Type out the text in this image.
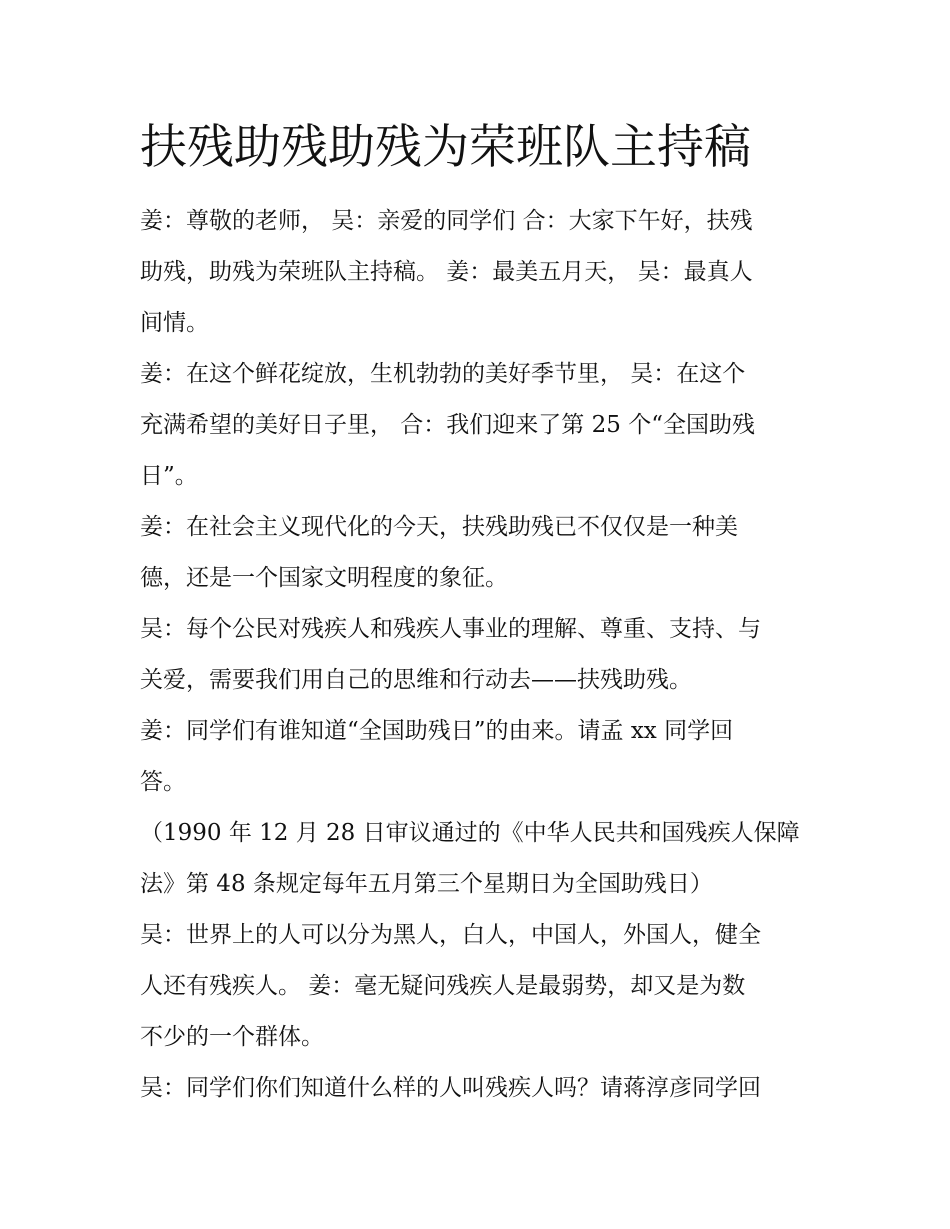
扶残助残助残为荣班队主持稿
姜：尊敬的老师， 吴：亲爱的同学们 合：大家下午好，扶残
助残，助残为荣班队主持稿。 姜：最美五月天， 吴：最真人
间情。
姜：在这个鲜花绽放，生机勃勃的美好季节里， 吴：在这个
充满希望的美好日子里， 合：我们迎来了第 25 个“全国助残
日”。
姜：在社会主义现代化的今天，扶残助残已不仅仅是一种美
德，还是一个国家文明程度的象征。
吴：每个公民对残疾人和残疾人事业的理解、尊重、支持、与
关爱，需要我们用自己的思维和行动去——扶残助残。
姜：同学们有谁知道“全国助残日”的由来。请孟 xx 同学回
答。
（1990 年 12 月 28 日审议通过的《中华人民共和国残疾人保障
法》第 48 条规定每年五月第三个星期日为全国助残日）
吴：世界上的人可以分为黑人，白人，中国人，外国人，健全
人还有残疾人。 姜：毫无疑问残疾人是最弱势，却又是为数
不少的一个群体。
吴：同学们你们知道什么样的人叫残疾人吗？请蒋淳彦同学回
